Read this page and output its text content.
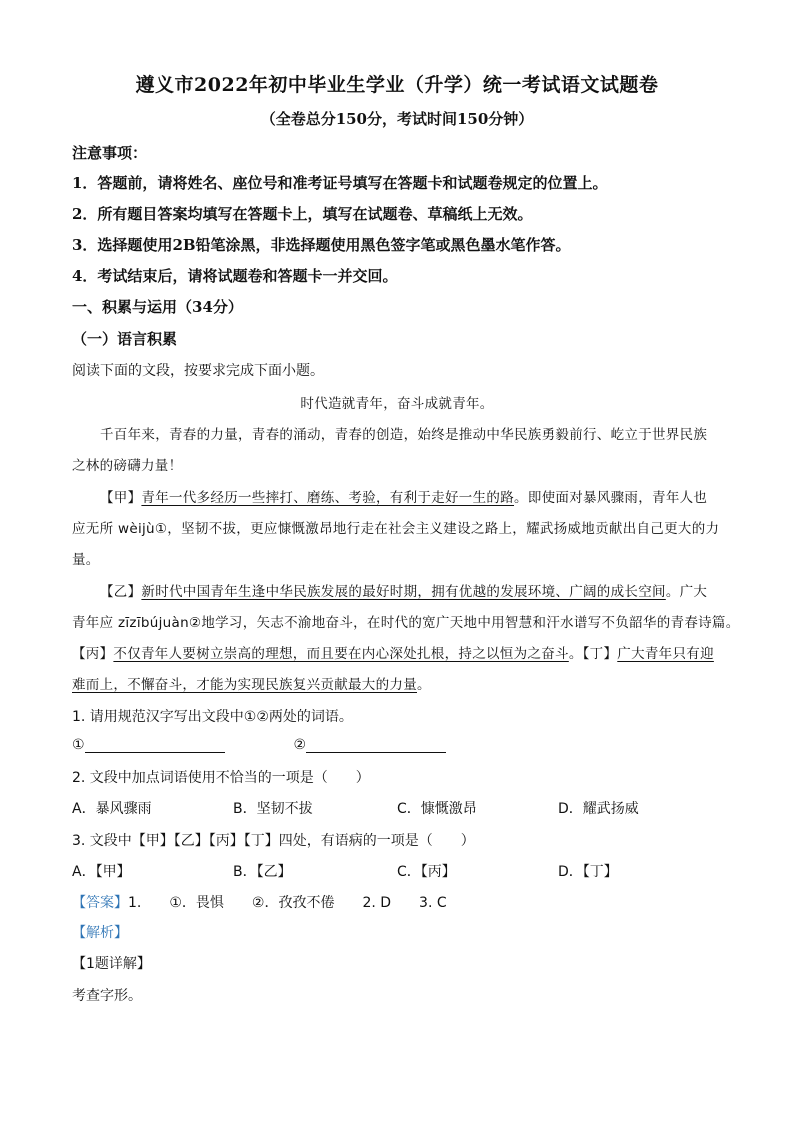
遵义市2022年初中毕业生学业（升学）统一考试语文试题卷
（全卷总分150分，考试时间150分钟）
注意事项：
1．答题前，请将姓名、座位号和准考证号填写在答题卡和试题卷规定的位置上。
2．所有题目答案均填写在答题卡上，填写在试题卷、草稿纸上无效。
3．选择题使用2B铅笔涂黑，非选择题使用黑色签字笔或黑色墨水笔作答。
4．考试结束后，请将试题卷和答题卡一并交回。
一、积累与运用（34分）
（一）语言积累
阅读下面的文段，按要求完成下面小题。
时代造就青年，奋斗成就青年。
千百年来，青春的力量，青春的涌动，青春的创造，始终是推动中华民族勇毅前行、屹立于世界民族
之林的磅礴力量！
【甲】青年一代多经历一些摔打、磨练、考验，有利于走好一生的路。即使面对暴风骤雨，青年人也
应无所 wèijù①，坚韧不拔，更应慷慨激昂地行走在社会主义建设之路上，耀武扬威地贡献出自己更大的力
量。
【乙】新时代中国青年生逢中华民族发展的最好时期，拥有优越的发展环境、广阔的成长空间。广大
青年应 zīzībújuàn②地学习，矢志不渝地奋斗，在时代的宽广天地中用智慧和汗水谱写不负韶华的青春诗篇。
【丙】不仅青年人要树立崇高的理想，而且要在内心深处扎根，持之以恒为之奋斗。【丁】广大青年只有迎
难而上，不懈奋斗，才能为实现民族复兴贡献最大的力量。
1. 请用规范汉字写出文段中①②两处的词语。
①	②
2. 文段中加点词语使用不恰当的一项是（　　）
A．暴风骤雨	B．坚韧不拔	C．慷慨激昂	D．耀武扬威
3. 文段中【甲】【乙】【丙】【丁】四处，有语病的一项是（　　）
A．【甲】	B．【乙】	C．【丙】	D．【丁】
【答案】1.　　①．畏惧　　②．孜孜不倦　　2. D　　3. C
【解析】
【1题详解】
考查字形。
